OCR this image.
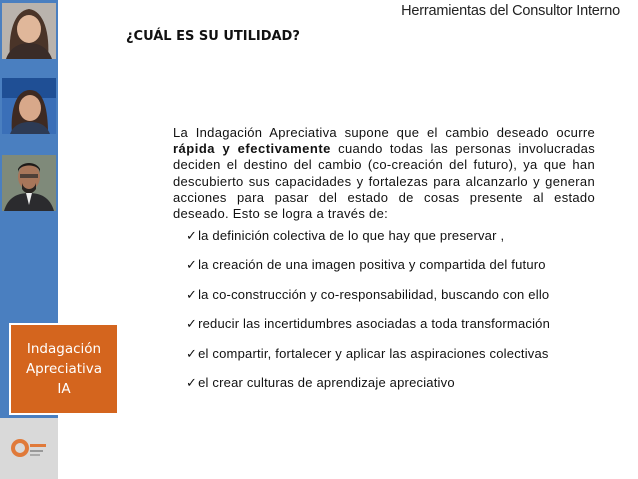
Indagación
Apreciativa
IA
Herramientas del Consultor Interno
¿CUÁL ES SU UTILIDAD?
La Indagación Apreciativa supone que el cambio deseado ocurre rápida y efectivamente cuando todas las personas involucradas deciden el destino del cambio (co-creación del futuro), ya que han descubierto sus capacidades y fortalezas para alcanzarlo y generan acciones para pasar del estado de cosas presente al estado deseado. Esto se logra a través de:
✓la definición colectiva de lo que hay que preservar ,
✓la creación de una imagen positiva y compartida del futuro
✓la co-construcción y co-responsabilidad, buscando con ello
✓reducir las incertidumbres asociadas a toda transformación
✓el compartir, fortalecer y aplicar las aspiraciones colectivas
✓el crear culturas de aprendizaje apreciativo
